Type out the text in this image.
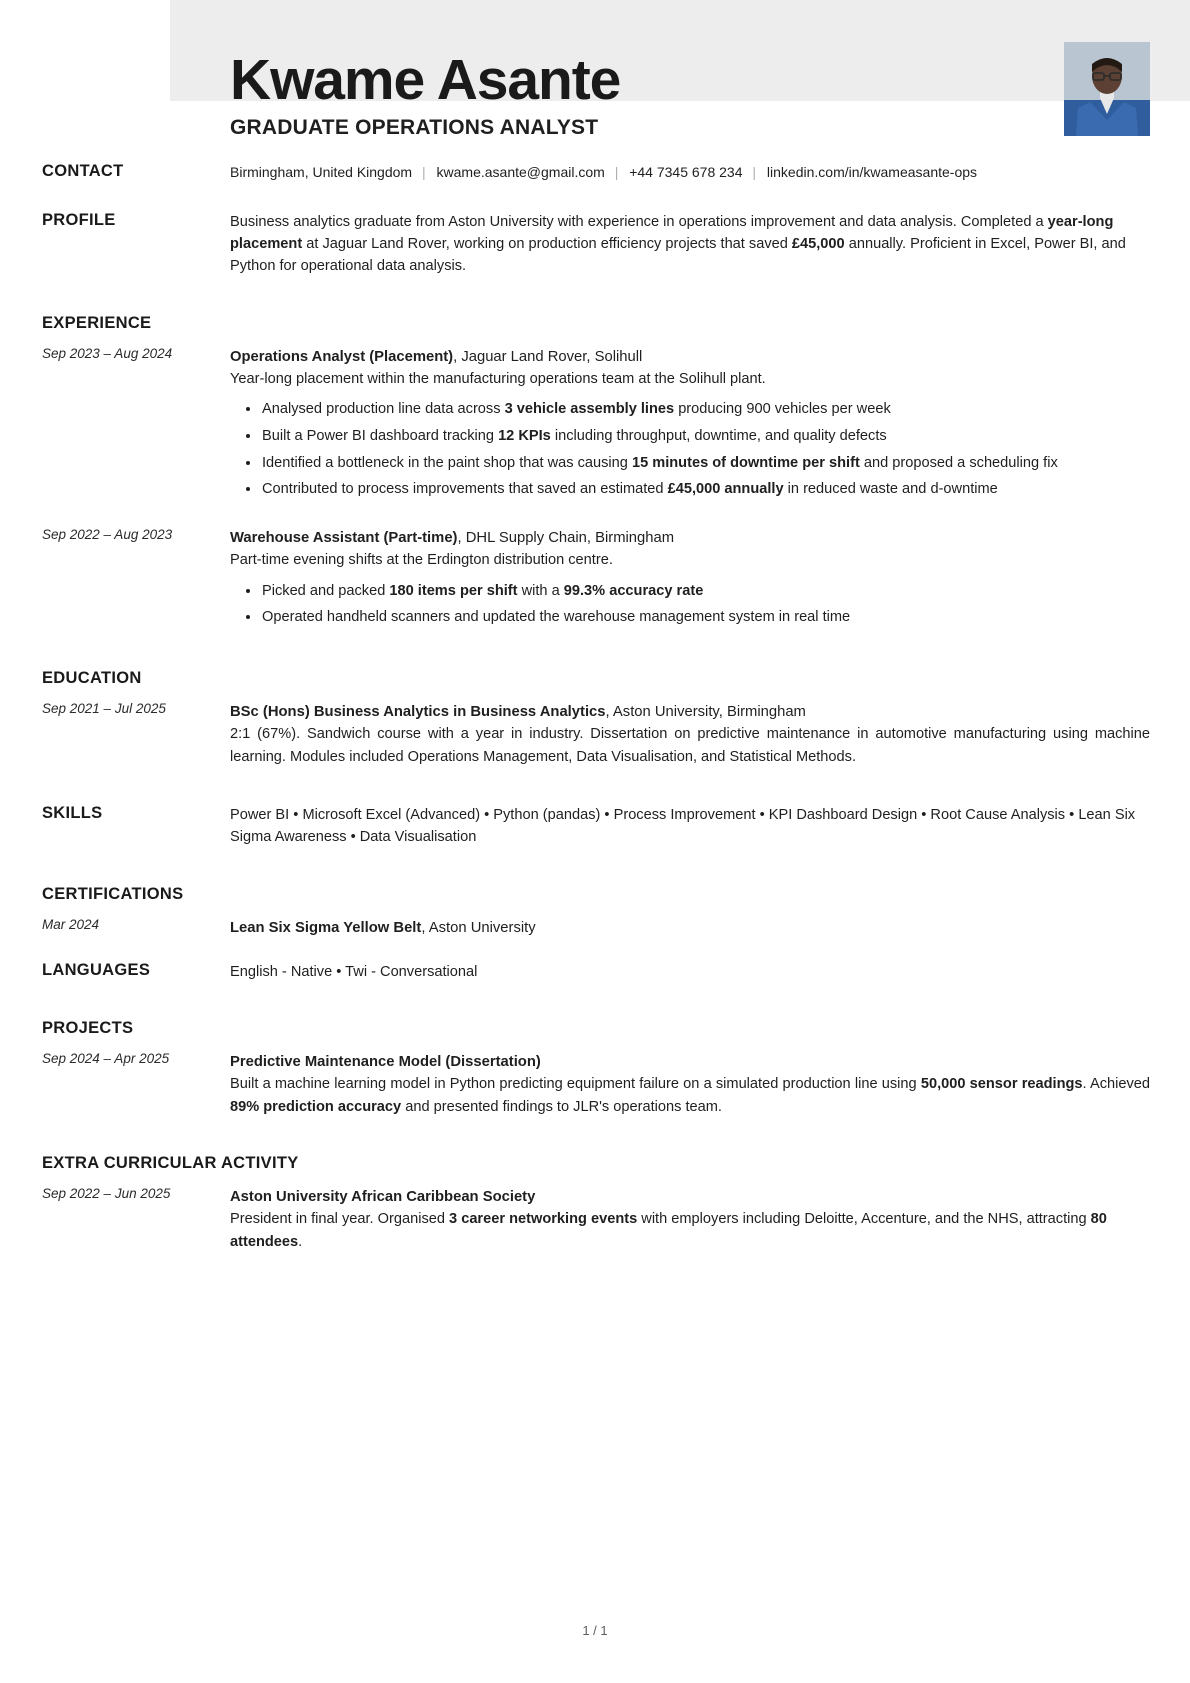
Kwame Asante
GRADUATE OPERATIONS ANALYST
CONTACT	Birmingham, United Kingdom | kwame.asante@gmail.com | +44 7345 678 234 | linkedin.com/in/kwameasante-ops
PROFILE	Business analytics graduate from Aston University with experience in operations improvement and data analysis. Completed a year-long placement at Jaguar Land Rover, working on production efficiency projects that saved £45,000 annually. Proficient in Excel, Power BI, and Python for operational data analysis.
EXPERIENCE
Sep 2023 – Aug 2024	Operations Analyst (Placement), Jaguar Land Rover, Solihull
Year-long placement within the manufacturing operations team at the Solihull plant.
Analysed production line data across 3 vehicle assembly lines producing 900 vehicles per week
Built a Power BI dashboard tracking 12 KPIs including throughput, downtime, and quality defects
Identified a bottleneck in the paint shop that was causing 15 minutes of downtime per shift and proposed a scheduling fix
Contributed to process improvements that saved an estimated £45,000 annually in reduced waste and d-owntime
Sep 2022 – Aug 2023	Warehouse Assistant (Part-time), DHL Supply Chain, Birmingham
Part-time evening shifts at the Erdington distribution centre.
Picked and packed 180 items per shift with a 99.3% accuracy rate
Operated handheld scanners and updated the warehouse management system in real time
EDUCATION
Sep 2021 – Jul 2025	BSc (Hons) Business Analytics in Business Analytics, Aston University, Birmingham
2:1 (67%). Sandwich course with a year in industry. Dissertation on predictive maintenance in automotive manufacturing using machine learning. Modules included Operations Management, Data Visualisation, and Statistical Methods.
SKILLS	Power BI • Microsoft Excel (Advanced) • Python (pandas) • Process Improvement • KPI Dashboard Design • Root Cause Analysis • Lean Six Sigma Awareness • Data Visualisation
CERTIFICATIONS
Mar 2024	Lean Six Sigma Yellow Belt, Aston University
LANGUAGES	English - Native • Twi - Conversational
PROJECTS
Sep 2024 – Apr 2025	Predictive Maintenance Model (Dissertation)
Built a machine learning model in Python predicting equipment failure on a simulated production line using 50,000 sensor readings. Achieved 89% prediction accuracy and presented findings to JLR's operations team.
EXTRA CURRICULAR ACTIVITY
Sep 2022 – Jun 2025	Aston University African Caribbean Society
President in final year. Organised 3 career networking events with employers including Deloitte, Accenture, and the NHS, attracting 80 attendees.
1 / 1
